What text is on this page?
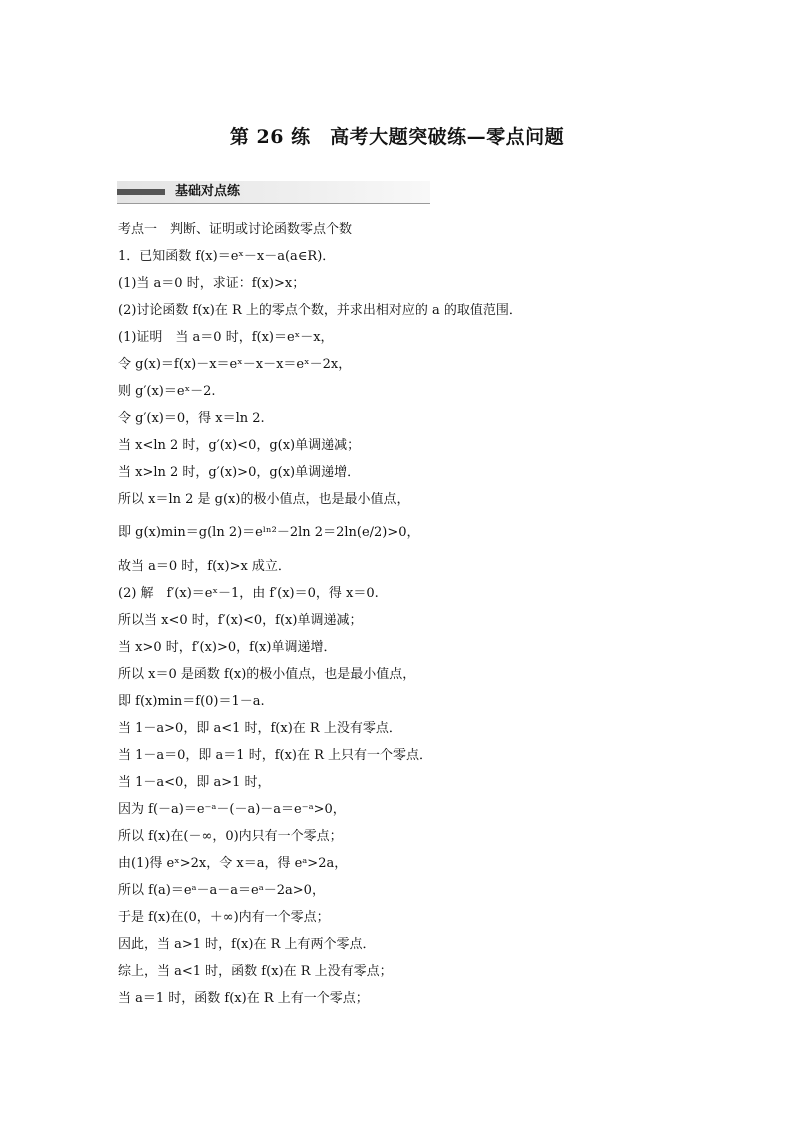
第 26 练　高考大题突破练—零点问题
基础对点练
考点一　判断、证明或讨论函数零点个数
1．已知函数 f(x)＝eˣ－x－a(a∈R)．
(1)当 a＝0 时，求证：f(x)>x；
(2)讨论函数 f(x)在 R 上的零点个数，并求出相对应的 a 的取值范围．
(1)证明　当 a＝0 时，f(x)＝eˣ－x，
令 g(x)＝f(x)－x＝eˣ－x－x＝eˣ－2x，
则 g′(x)＝eˣ－2.
令 g′(x)＝0，得 x＝ln 2.
当 x<ln 2 时，g′(x)<0，g(x)单调递减；
当 x>ln 2 时，g′(x)>0，g(x)单调递增．
所以 x＝ln 2 是 g(x)的极小值点，也是最小值点，
即 g(x)min＝g(ln 2)＝eˡⁿ²－2ln 2＝2ln(e/2)>0，
故当 a＝0 时，f(x)>x 成立．
(2) 解　f′(x)＝eˣ－1，由 f′(x)＝0，得 x＝0.
所以当 x<0 时，f′(x)<0，f(x)单调递减；
当 x>0 时，f′(x)>0，f(x)单调递增．
所以 x＝0 是函数 f(x)的极小值点，也是最小值点，
即 f(x)min＝f(0)＝1－a.
当 1－a>0，即 a<1 时，f(x)在 R 上没有零点．
当 1－a＝0，即 a＝1 时，f(x)在 R 上只有一个零点．
当 1－a<0，即 a>1 时，
因为 f(－a)＝e⁻ᵃ－(－a)－a＝e⁻ᵃ>0，
所以 f(x)在(－∞，0)内只有一个零点；
由(1)得 eˣ>2x，令 x＝a，得 eᵃ>2a，
所以 f(a)＝eᵃ－a－a＝eᵃ－2a>0，
于是 f(x)在(0，＋∞)内有一个零点；
因此，当 a>1 时，f(x)在 R 上有两个零点．
综上，当 a<1 时，函数 f(x)在 R 上没有零点；
当 a＝1 时，函数 f(x)在 R 上有一个零点；
